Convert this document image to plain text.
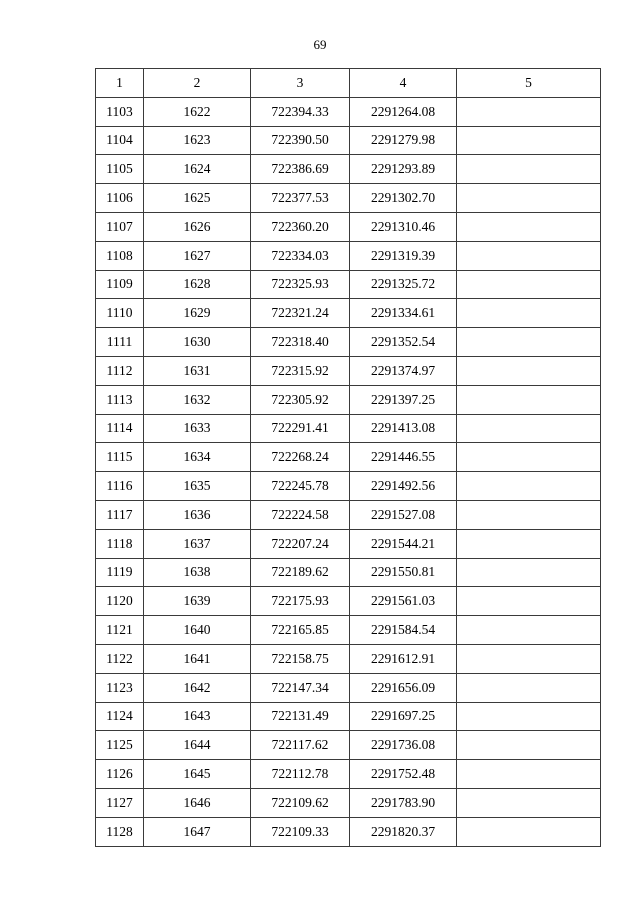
69
1	2	3	4	5
1103	1622	722394.33	2291264.08	
1104	1623	722390.50	2291279.98	
1105	1624	722386.69	2291293.89	
1106	1625	722377.53	2291302.70	
1107	1626	722360.20	2291310.46	
1108	1627	722334.03	2291319.39	
1109	1628	722325.93	2291325.72	
1110	1629	722321.24	2291334.61	
1111	1630	722318.40	2291352.54	
1112	1631	722315.92	2291374.97	
1113	1632	722305.92	2291397.25	
1114	1633	722291.41	2291413.08	
1115	1634	722268.24	2291446.55	
1116	1635	722245.78	2291492.56	
1117	1636	722224.58	2291527.08	
1118	1637	722207.24	2291544.21	
1119	1638	722189.62	2291550.81	
1120	1639	722175.93	2291561.03	
1121	1640	722165.85	2291584.54	
1122	1641	722158.75	2291612.91	
1123	1642	722147.34	2291656.09	
1124	1643	722131.49	2291697.25	
1125	1644	722117.62	2291736.08	
1126	1645	722112.78	2291752.48	
1127	1646	722109.62	2291783.90	
1128	1647	722109.33	2291820.37	
